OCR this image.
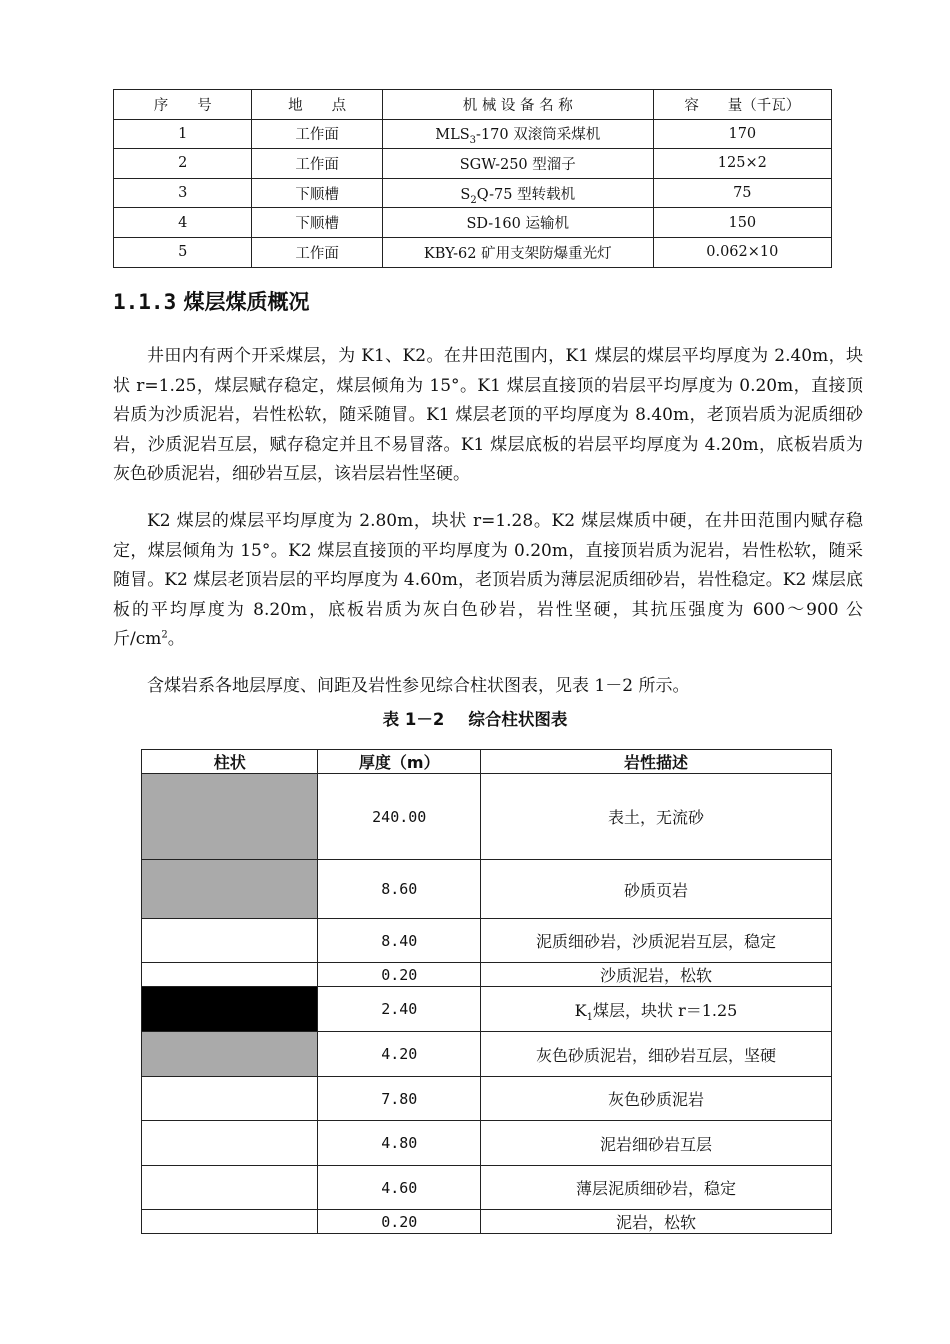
序　　号	地　　点	机 械 设 备 名 称	容　　量（千瓦）
1	工作面	$MLS_3-170$ 双滚筒采煤机	170
2	工作面	SGW-250 型溜子	125×2
3	下顺槽	$S_2Q-75$ 型转载机	75
4	下顺槽	SD-160 运输机	150
5	工作面	KBY-62 矿用支架防爆重光灯	0.062×10
1.1.3 煤层煤质概况

井田内有两个开采煤层，为 K1、K2。在井田范围内，K1 煤层的煤层平均厚度为 2.40m，块状 r=1.25，煤层赋存稳定，煤层倾角为 15°。K1 煤层直接顶的岩层平均厚度为 0.20m，直接顶岩质为沙质泥岩，岩性松软，随采随冒。K1 煤层老顶的平均厚度为 8.40m，老顶岩质为泥质细砂岩，沙质泥岩互层，赋存稳定并且不易冒落。K1 煤层底板的岩层平均厚度为 4.20m，底板岩质为灰色砂质泥岩，细砂岩互层，该岩层岩性坚硬。

K2 煤层的煤层平均厚度为 2.80m，块状 r=1.28。K2 煤层煤质中硬，在井田范围内赋存稳定，煤层倾角为 15°。K2 煤层直接顶的平均厚度为 0.20m，直接顶岩质为泥岩，岩性松软，随采随冒。K2 煤层老顶岩层的平均厚度为 4.60m，老顶岩质为薄层泥质细砂岩，岩性稳定。K2 煤层底板的平均厚度为 8.20m，底板岩质为灰白色砂岩，岩性坚硬，其抗压强度为 600～900 公斤$/cm^2$。

含煤岩系各地层厚度、间距及岩性参见综合柱状图表，见表 1－2 所示。

表 1－2 综合柱状图表
柱状	厚度（m）	岩性描述
	240.00	表土，无流砂
	8.60	砂质页岩
	8.40	泥质细砂岩，沙质泥岩互层，稳定
	0.20	沙质泥岩，松软
	2.40	$K_1$煤层，块状 r＝1.25
	4.20	灰色砂质泥岩，细砂岩互层，坚硬
	7.80	灰色砂质泥岩
	4.80	泥岩细砂岩互层
	4.60	薄层泥质细砂岩，稳定
	0.20	泥岩，松软
